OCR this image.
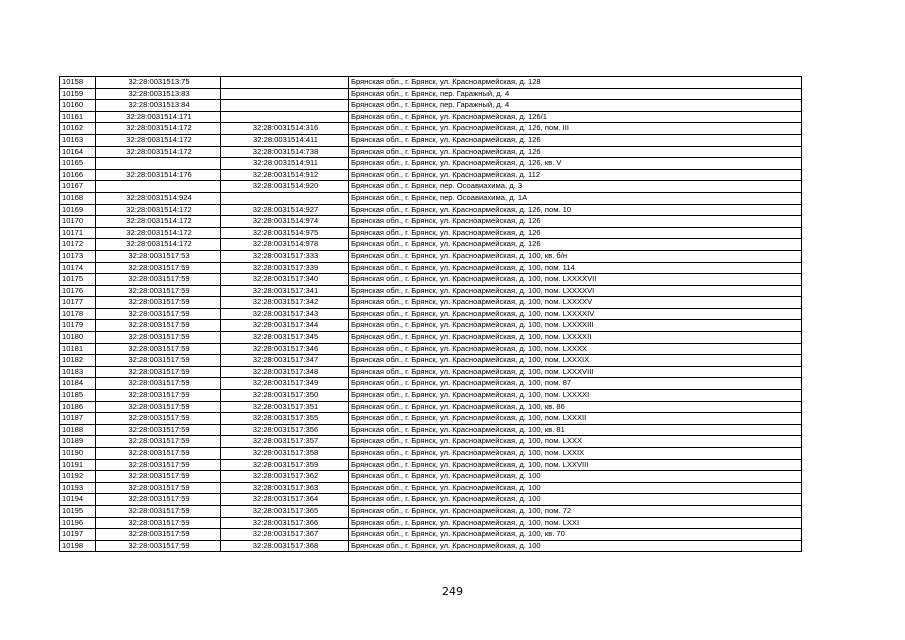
10158	32:28:0031513:75		Брянская обл., г. Брянск, ул. Красноармейская, д. 128
10159	32:28:0031513:83		Брянская обл., г. Брянск, пер. Гаражный, д. 4
10160	32:28:0031513:84		Брянская обл., г. Брянск, пер. Гаражный, д. 4
10161	32:28:0031514:171		Брянская обл., г. Брянск, ул. Красноармейская, д. 126/1
10162	32:28:0031514:172	32:28:0031514:316	Брянская обл., г. Брянск, ул. Красноармейская, д. 126, пом. III
10163	32:28:0031514:172	32:28:0031514:411	Брянская обл., г. Брянск, ул. Красноармейская, д. 126
10164	32:28:0031514:172	32:28:0031514:738	Брянская обл., г. Брянск, ул. Красноармейская, д. 126
10165		32:28:0031514:911	Брянская обл., г. Брянск, ул. Красноармейская, д. 126, кв. V
10166	32:28:0031514:176	32:28:0031514:912	Брянская обл., г. Брянск, ул. Красноармейская, д. 112
10167		32:28:0031514:920	Брянская обл., г. Брянск, пер. Осоавиахима, д. 3
10168	32:28:0031514:924		Брянская обл., г. Брянск, пер. Осоавиахима, д. 1А
10169	32:28:0031514:172	32:28:0031514:927	Брянская обл., г. Брянск, ул. Красноармейская, д. 126, пом. 10
10170	32:28:0031514:172	32:28:0031514:974	Брянская обл., г. Брянск, ул. Красноармейская, д. 126
10171	32:28:0031514:172	32:28:0031514:975	Брянская обл., г. Брянск, ул. Красноармейская, д. 126
10172	32:28:0031514:172	32:28:0031514:978	Брянская обл., г. Брянск, ул. Красноармейская, д. 126
10173	32:28:0031517:53	32:28:0031517:333	Брянская обл., г. Брянск, ул. Красноармейская, д. 100, кв. б/н
10174	32:28:0031517:59	32:28:0031517:339	Брянская обл., г. Брянск, ул. Красноармейская, д. 100, пом. 114
10175	32:28:0031517:59	32:28:0031517:340	Брянская обл., г. Брянск, ул. Красноармейская, д. 100, пом. LXXXXVII
10176	32:28:0031517:59	32:28:0031517:341	Брянская обл., г. Брянск, ул. Красноармейская, д. 100, пом. LXXXXVI
10177	32:28:0031517:59	32:28:0031517:342	Брянская обл., г. Брянск, ул. Красноармейская, д. 100, пом. LXXXXV
10178	32:28:0031517:59	32:28:0031517:343	Брянская обл., г. Брянск, ул. Красноармейская, д. 100, пом. LXXXXIV
10179	32:28:0031517:59	32:28:0031517:344	Брянская обл., г. Брянск, ул. Красноармейская, д. 100, пом. LXXXXIII
10180	32:28:0031517:59	32:28:0031517:345	Брянская обл., г. Брянск, ул. Красноармейская, д. 100, пом. LXXXXII
10181	32:28:0031517:59	32:28:0031517:346	Брянская обл., г. Брянск, ул. Красноармейская, д. 100, пом. LXXXX
10182	32:28:0031517:59	32:28:0031517:347	Брянская обл., г. Брянск, ул. Красноармейская, д. 100, пом. LXXXIX
10183	32:28:0031517:59	32:28:0031517:348	Брянская обл., г. Брянск, ул. Красноармейская, д. 100, пом. LXXXVIII
10184	32:28:0031517:59	32:28:0031517:349	Брянская обл., г. Брянск, ул. Красноармейская, д. 100, пом. 87
10185	32:28:0031517:59	32:28:0031517:350	Брянская обл., г. Брянск, ул. Красноармейская, д. 100, пом. LXXXXI
10186	32:28:0031517:59	32:28:0031517:351	Брянская обл., г. Брянск, ул. Красноармейская, д. 100, кв. 86
10187	32:28:0031517:59	32:28:0031517:355	Брянская обл., г. Брянск, ул. Красноармейская, д. 100, пом. LXXXII
10188	32:28:0031517:59	32:28:0031517:356	Брянская обл., г. Брянск, ул. Красноармейская, д. 100, кв. 81
10189	32:28:0031517:59	32:28:0031517:357	Брянская обл., г. Брянск, ул. Красноармейская, д. 100, пом. LXXX
10190	32:28:0031517:59	32:28:0031517:358	Брянская обл., г. Брянск, ул. Красноармейская, д. 100, пом. LXXIX
10191	32:28:0031517:59	32:28:0031517:359	Брянская обл., г. Брянск, ул. Красноармейская, д. 100, пом. LXXVIII
10192	32:28:0031517:59	32:28:0031517:362	Брянская обл., г. Брянск, ул. Красноармейская, д. 100
10193	32:28:0031517:59	32:28:0031517:363	Брянская обл., г. Брянск, ул. Красноармейская, д. 100
10194	32:28:0031517:59	32:28:0031517:364	Брянская обл., г. Брянск, ул. Красноармейская, д. 100
10195	32:28:0031517:59	32:28:0031517:365	Брянская обл., г. Брянск, ул. Красноармейская, д. 100, пом. 72
10196	32:28:0031517:59	32:28:0031517:366	Брянская обл., г. Брянск, ул. Красноармейская, д. 100, пом. LXXI
10197	32:28:0031517:59	32:28:0031517:367	Брянская обл., г. Брянск, ул. Красноармейская, д. 100, кв. 70
10198	32:28:0031517:59	32:28:0031517:368	Брянская обл., г. Брянск, ул. Красноармейская, д. 100
249
